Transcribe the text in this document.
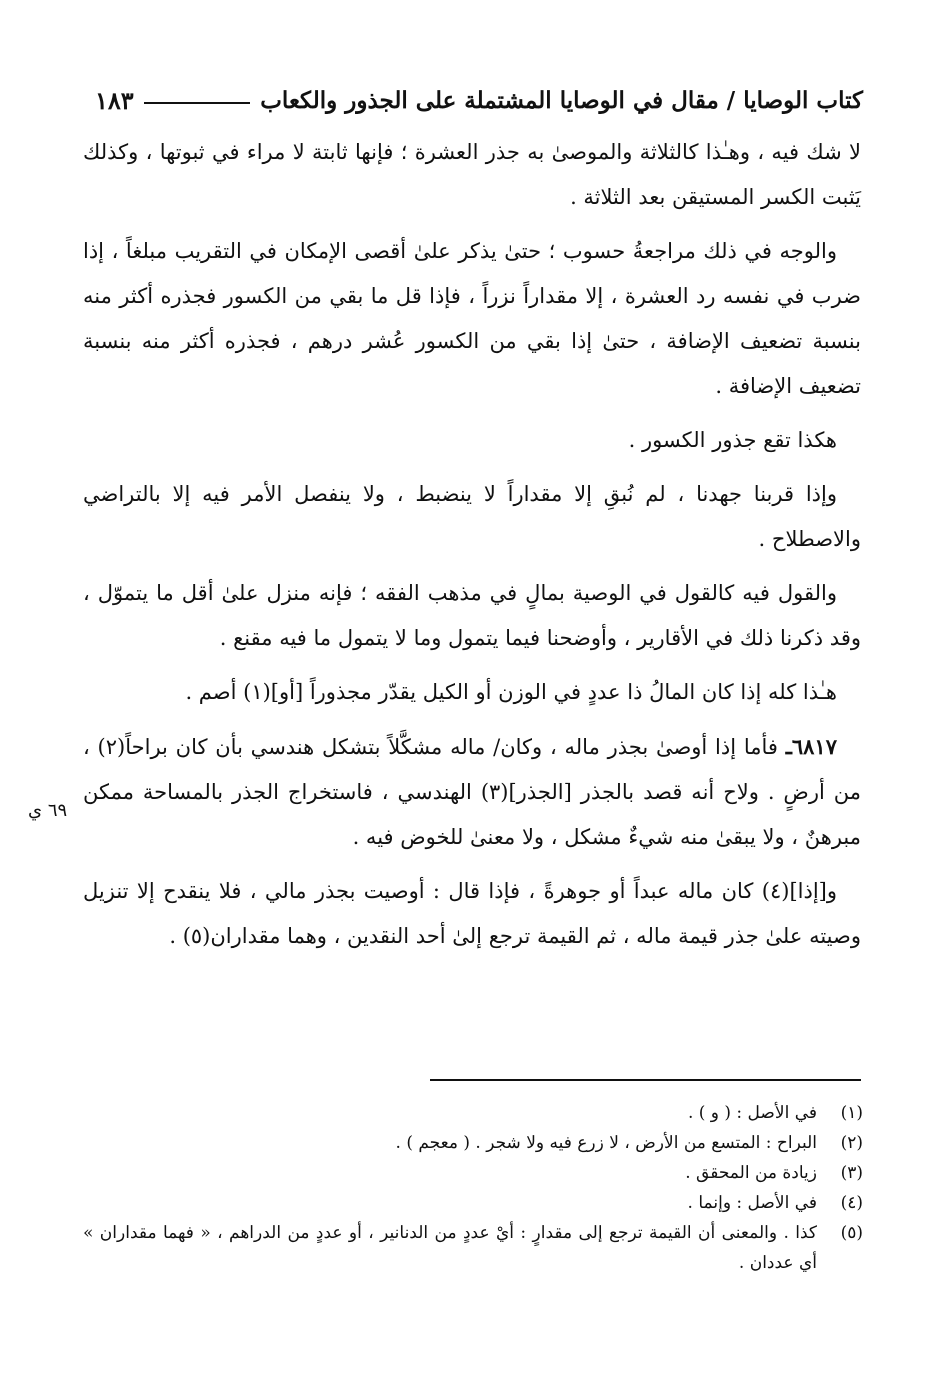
كتاب الوصايا / مقال في الوصايا المشتملة على الجذور والكعاب
١٨٣

لا شك فيه ، وهـٰذا كالثلاثة والموصىٰ به جذر العشرة ؛ فإنها ثابتة لا مراء في ثبوتها ، وكذلك يَثبت الكسر المستيقن بعد الثلاثة .

والوجه في ذلك مراجعةُ حسوب ؛ حتىٰ يذكر علىٰ أقصى الإمكان في التقريب مبلغاً ، إذا ضرب في نفسه رد العشرة ، إلا مقداراً نزراً ، فإذا قل ما بقي من الكسور فجذره أكثر منه بنسبة تضعيف الإضافة ، حتىٰ إذا بقي من الكسور عُشر درهم ، فجذره أكثر منه بنسبة تضعيف الإضافة .

هكذا تقع جذور الكسور .

وإذا قربنا جهدنا ، لم نُبقِ إلا مقداراً لا ينضبط ، ولا ينفصل الأمر فيه إلا بالتراضي والاصطلاح .

والقول فيه كالقول في الوصية بمالٍ في مذهب الفقه ؛ فإنه منزل علىٰ أقل ما يتموّل ، وقد ذكرنا ذلك في الأقارير ، وأوضحنا فيما يتمول وما لا يتمول ما فيه مقنع .

هـٰذا كله إذا كان المالُ ذا عددٍ في الوزن أو الكيل يقدّر مجذوراً [أو](١) أصم .

٦٨١٧ـ فأما إذا أوصىٰ بجذر ماله ، وكان/ ماله مشكَّلاً بتشكل هندسي بأن كان براحاً(٢) ، من أرضٍ . ولاح أنه قصد بالجذر [الجذر](٣) الهندسي ، فاستخراج الجذر بالمساحة ممكن مبرهنٌ ، ولا يبقىٰ منه شيءٌ مشكل ، ولا معنىٰ للخوض فيه .

و[إذا](٤) كان ماله عبداً أو جوهرةً ، فإذا قال : أوصيت بجذر مالي ، فلا ينقدح إلا تنزيل وصيته علىٰ جذر قيمة ماله ، ثم القيمة ترجع إلىٰ أحد النقدين ، وهما مقداران(٥) .

٦٩ ي
(١)
في الأصل : ( و ) .
(٢)
البراح : المتسع من الأرض ، لا زرع فيه ولا شجر . ( معجم ) .
(٣)
زيادة من المحقق .
(٤)
في الأصل : وإنما .
(٥)
كذا . والمعنى أن القيمة ترجع إلى مقدارٍ : أيْ عددٍ من الدنانير ، أو عددٍ من الدراهم ، « فهما مقداران » أي عددان .
